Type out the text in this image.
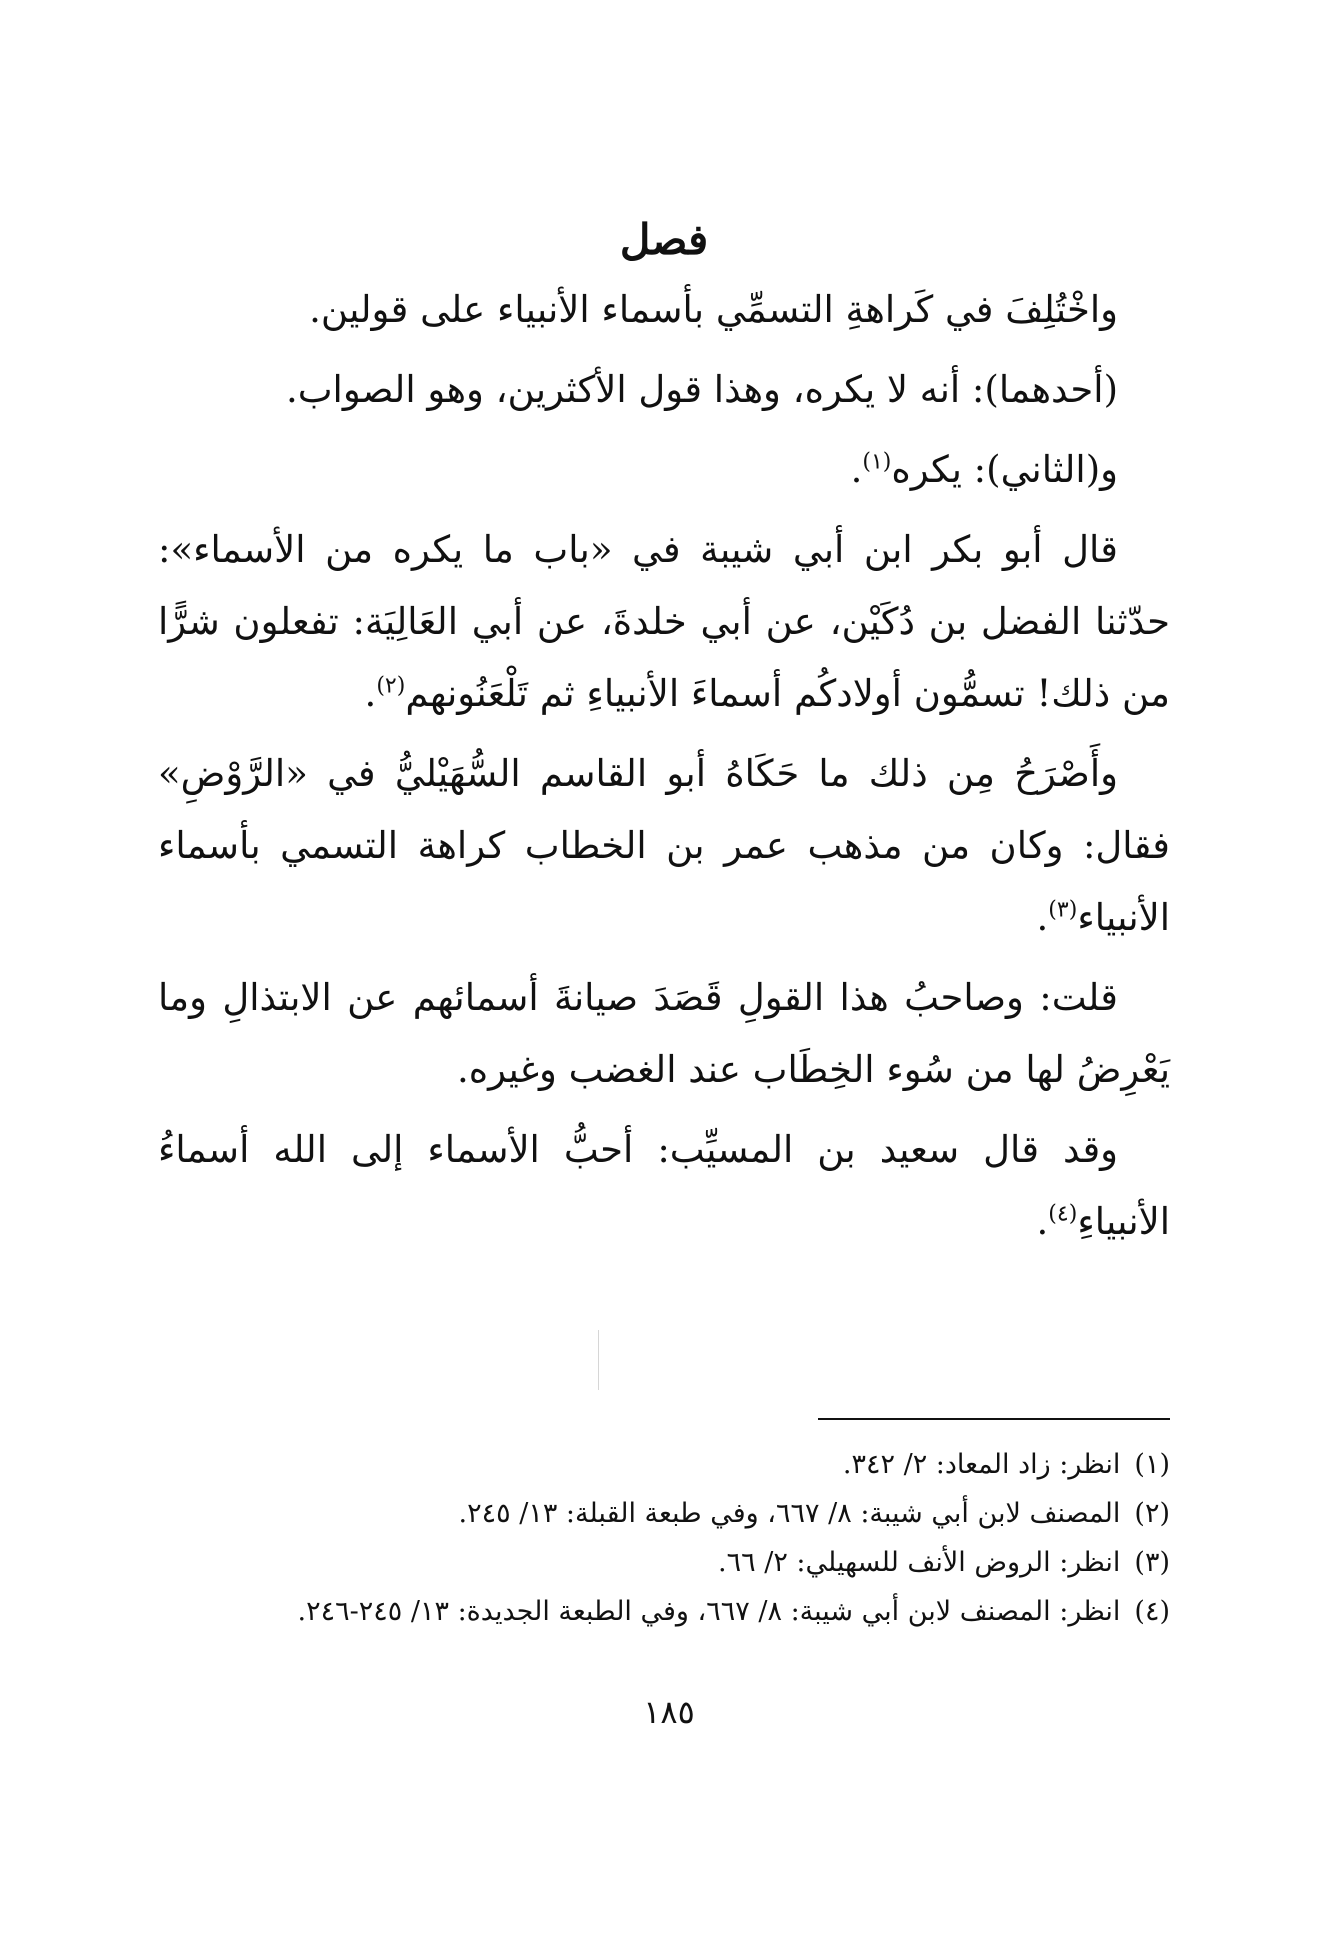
فصل

واخْتُلِفَ في كَراهةِ التسمِّي بأسماء الأنبياء على قولين.

(أحدهما): أنه لا يكره، وهذا قول الأكثرين، وهو الصواب.

و(الثاني): يكره$^{(١)}$.

قال أبو بكر ابن أبي شيبة في «باب ما يكره من الأسماء»: حدّثنا الفضل بن دُكَيْن، عن أبي خلدةَ، عن أبي العَالِيَة: تفعلون شرًّا من ذلك! تسمُّون أولادكُم أسماءَ الأنبياءِ ثم تَلْعَنُونهم$^{(٢)}$.

وأَصْرَحُ مِن ذلك ما حَكَاهُ أبو القاسم السُّهَيْليُّ في «الرَّوْضِ» فقال: وكان من مذهب عمر بن الخطاب كراهة التسمي بأسماء الأنبياء$^{(٣)}$.

قلت: وصاحبُ هذا القولِ قَصَدَ صيانةَ أسمائهم عن الابتذالِ وما يَعْرِضُ لها من سُوء الخِطَاب عند الغضب وغيره.

وقد قال سعيد بن المسيِّب: أحبُّ الأسماء إلى الله أسماءُ الأنبياءِ$^{(٤)}$.

(١)انظر: زاد المعاد: ٢/ ٣٤٢.
(٢)المصنف لابن أبي شيبة: ٨/ ٦٦٧، وفي طبعة القبلة: ١٣/ ٢٤٥.
(٣)انظر: الروض الأنف للسهيلي: ٢/ ٦٦.
(٤)انظر: المصنف لابن أبي شيبة: ٨/ ٦٦٧، وفي الطبعة الجديدة: ١٣/ ٢٤٥-٢٤٦.
١٨٥
